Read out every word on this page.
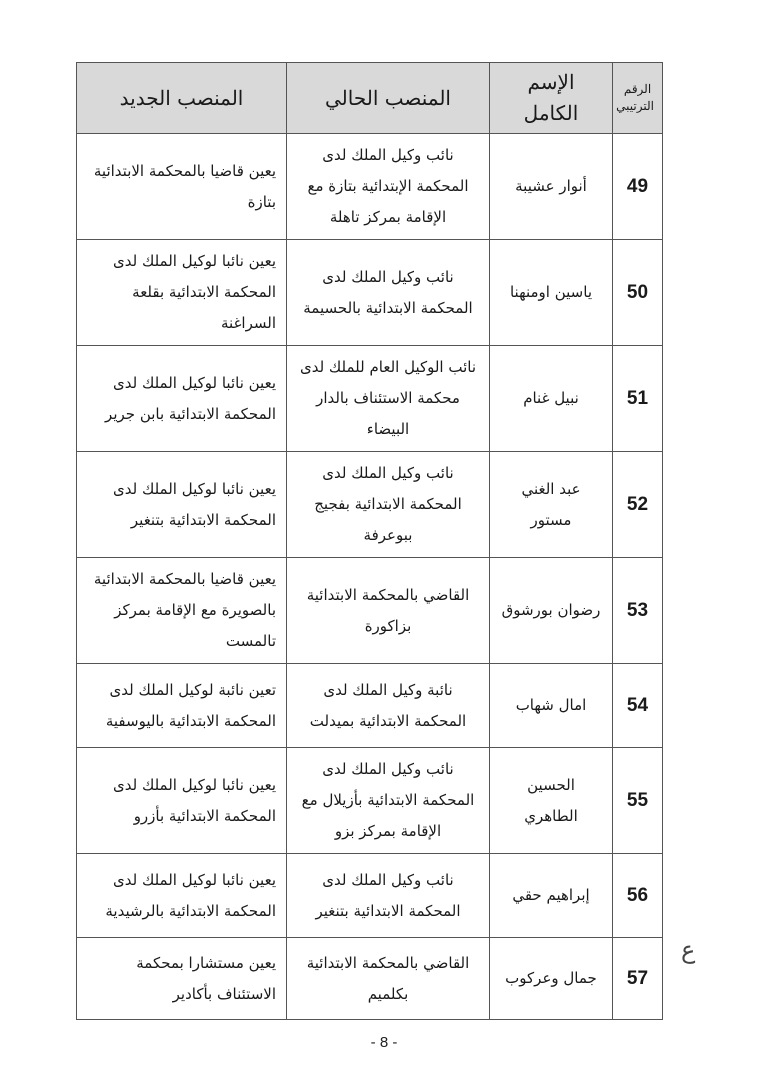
الرقم الترتيبي	الإسم الكامل	المنصب الحالي	المنصب الجديد
49	أنوار عشيبة	نائب وكيل الملك لدى المحكمة الإبتدائية بتازة مع الإقامة بمركز تاهلة	يعين قاضيا بالمحكمة الابتدائية بتازة
50	ياسين اومنهنا	نائب وكيل الملك لدى المحكمة الابتدائية بالحسيمة	يعين نائبا لوكيل الملك لدى المحكمة الابتدائية بقلعة السراغنة
51	نبيل غنام	نائب الوكيل العام للملك لدى محكمة الاستئناف بالدار البيضاء	يعين نائبا لوكيل الملك لدى المحكمة الابتدائية بابن جرير
52	عبد الغني مستور	نائب وكيل الملك لدى المحكمة الابتدائية بفجيج ببوعرفة	يعين نائبا لوكيل الملك لدى المحكمة الابتدائية بتنغير
53	رضوان بورشوق	القاضي بالمحكمة الابتدائية بزاكورة	يعين قاضيا بالمحكمة الابتدائية بالصويرة مع الإقامة بمركز تالمست
54	امال شهاب	نائبة وكيل الملك لدى المحكمة الابتدائية بميدلت	تعين نائبة لوكيل الملك لدى المحكمة الابتدائية باليوسفية
55	الحسين الطاهري	نائب وكيل الملك لدى المحكمة الابتدائية بأزيلال مع الإقامة بمركز بزو	يعين نائبا لوكيل الملك لدى المحكمة الابتدائية بأزرو
56	إبراهيم حقي	نائب وكيل الملك لدى المحكمة الابتدائية بتنغير	يعين نائبا لوكيل الملك لدى المحكمة الابتدائية بالرشيدية
57	جمال وعركوب	القاضي بالمحكمة الابتدائية بكلميم	يعين مستشارا بمحكمة الاستئناف بأكادير
ع
- 8 -
